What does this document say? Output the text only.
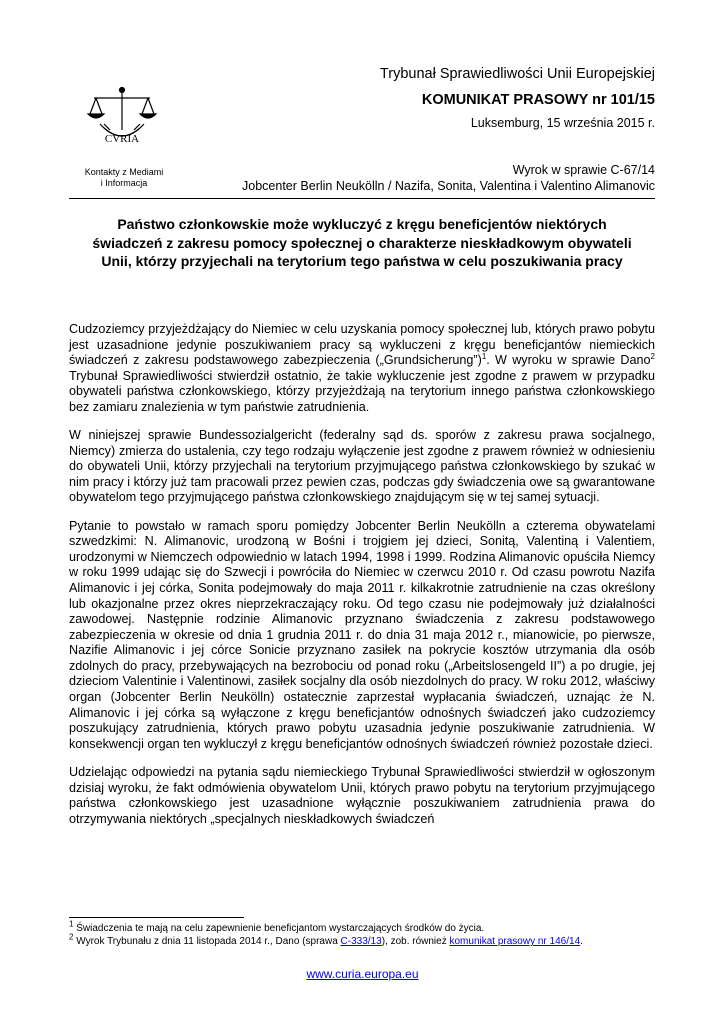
CVRIA
Kontakty z Mediami
i Informacja
Trybunał Sprawiedliwości Unii Europejskiej
KOMUNIKAT PRASOWY nr 101/15
Luksemburg, 15 września 2015 r.
Wyrok w sprawie C-67/14
Jobcenter Berlin Neukölln / Nazifa, Sonita, Valentina i Valentino Alimanovic
Państwo członkowskie może wykluczyć z kręgu beneficjentów niektórych
świadczeń z zakresu pomocy społecznej o charakterze nieskładkowym obywateli
Unii, którzy przyjechali na terytorium tego państwa w celu poszukiwania pracy

Cudzoziemcy przyjeżdżający do Niemiec w celu uzyskania pomocy społecznej lub, których prawo pobytu jest uzasadnione jedynie poszukiwaniem pracy są wykluczeni z kręgu beneficjantów niemieckich świadczeń z zakresu podstawowego zabezpieczenia („Grundsicherung”)$^1$. W wyroku w sprawie Dano$^2$ Trybunał Sprawiedliwości stwierdził ostatnio, że takie wykluczenie jest zgodne z prawem w przypadku obywateli państwa członkowskiego, którzy przyjeżdżają na terytorium innego państwa członkowskiego bez zamiaru znalezienia w tym państwie zatrudnienia.

W niniejszej sprawie Bundessozialgericht (federalny sąd ds. sporów z zakresu prawa socjalnego, Niemcy) zmierza do ustalenia, czy tego rodzaju wyłączenie jest zgodne z prawem również w odniesieniu do obywateli Unii, którzy przyjechali na terytorium przyjmującego państwa członkowskiego by szukać w nim pracy i którzy już tam pracowali przez pewien czas, podczas gdy świadczenia owe są gwarantowane obywatelom tego przyjmującego państwa członkowskiego znajdującym się w tej samej sytuacji.

Pytanie to powstało w ramach sporu pomiędzy Jobcenter Berlin Neukölln a czterema obywatelami szwedzkimi: N. Alimanovic, urodzoną w Bośni i trojgiem jej dzieci, Sonitą, Valentiną i Valentiem, urodzonymi w Niemczech odpowiednio w latach 1994, 1998 i 1999. Rodzina Alimanovic opuściła Niemcy w roku 1999 udając się do Szwecji i powróciła do Niemiec w czerwcu 2010 r. Od czasu powrotu Nazifa Alimanovic i jej córka, Sonita podejmowały do maja 2011 r. kilkakrotnie zatrudnienie na czas określony lub okazjonalne przez okres nieprzekraczający roku. Od tego czasu nie podejmowały już działalności zawodowej. Następnie rodzinie Alimanovic przyznano świadczenia z zakresu podstawowego zabezpieczenia w okresie od dnia 1 grudnia 2011 r. do dnia 31 maja 2012 r., mianowicie, po pierwsze, Nazifie Alimanovic i jej córce Sonicie przyznano zasiłek na pokrycie kosztów utrzymania dla osób zdolnych do pracy, przebywających na bezrobociu od ponad roku („Arbeitslosengeld II”) a po drugie, jej dzieciom Valentinie i Valentinowi, zasiłek socjalny dla osób niezdolnych do pracy. W roku 2012, właściwy organ (Jobcenter Berlin Neukölln) ostatecznie zaprzestał wypłacania świadczeń, uznając że N. Alimanovic i jej córka są wyłączone z kręgu beneficjantów odnośnych świadczeń jako cudzoziemcy poszukujący zatrudnienia, których prawo pobytu uzasadnia jedynie poszukiwanie zatrudnienia. W konsekwencji organ ten wykluczył z kręgu beneficjantów odnośnych świadczeń również pozostałe dzieci.

Udzielając odpowiedzi na pytania sądu niemieckiego Trybunał Sprawiedliwości stwierdził w ogłoszonym dzisiaj wyroku, że fakt odmówienia obywatelom Unii, których prawo pobytu na terytorium przyjmującego państwa członkowskiego jest uzasadnione wyłącznie poszukiwaniem zatrudnienia prawa do otrzymywania niektórych „specjalnych nieskładkowych świadczeń

$^1$ Świadczenia te mają na celu zapewnienie beneficjantom wystarczających środków do życia.
$^2$ Wyrok Trybunału z dnia 11 listopada 2014 r., Dano (sprawa C-333/13), zob. również komunikat prasowy nr 146/14.
www.curia.europa.eu
